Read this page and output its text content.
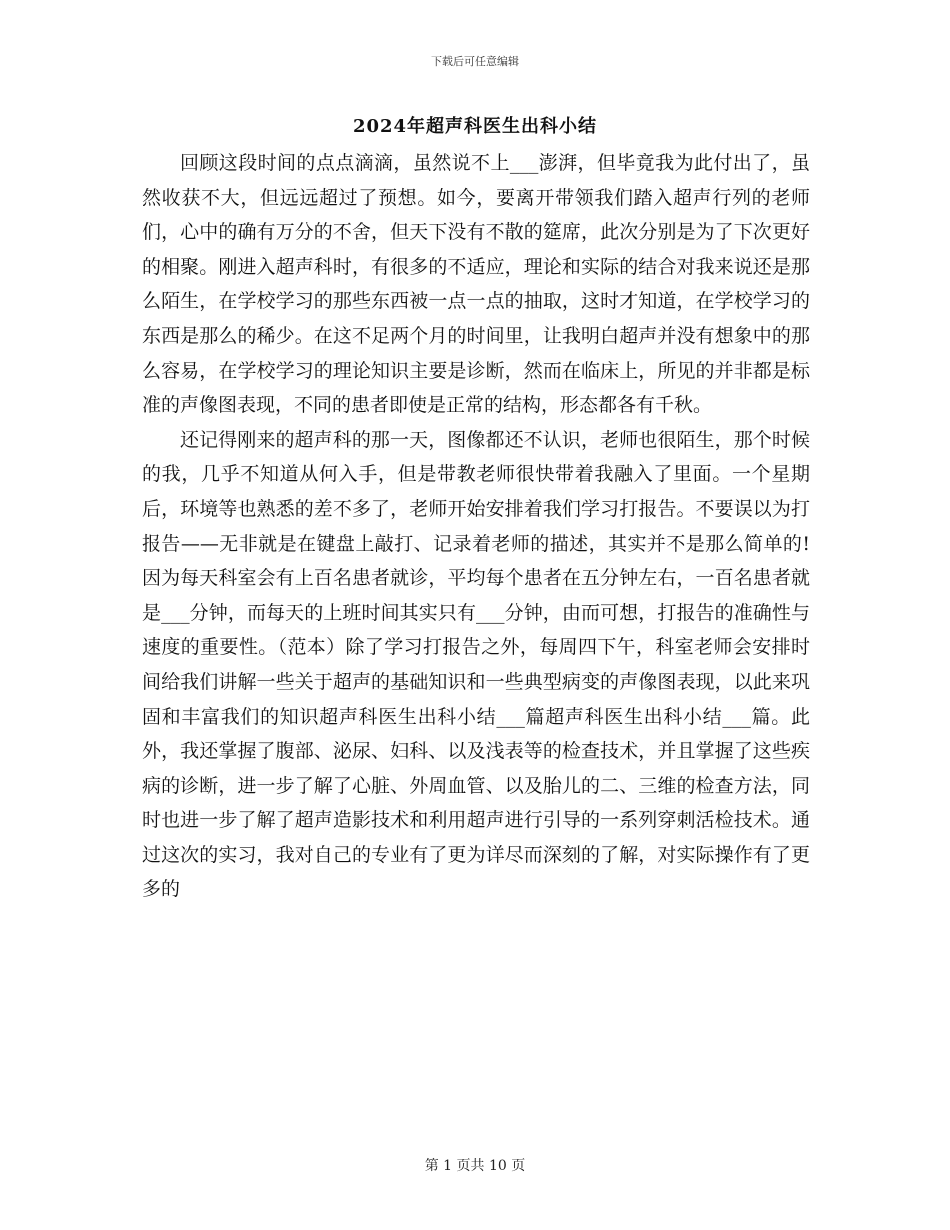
下载后可任意编辑
2024年超声科医生出科小结

回顾这段时间的点点滴滴，虽然说不上___澎湃，但毕竟我为此付出了，虽然收获不大，但远远超过了预想。如今，要离开带领我们踏入超声行列的老师们，心中的确有万分的不舍，但天下没有不散的筵席，此次分别是为了下次更好的相聚。刚进入超声科时，有很多的不适应，理论和实际的结合对我来说还是那么陌生，在学校学习的那些东西被一点一点的抽取，这时才知道，在学校学习的东西是那么的稀少。在这不足两个月的时间里，让我明白超声并没有想象中的那么容易，在学校学习的理论知识主要是诊断，然而在临床上，所见的并非都是标准的声像图表现，不同的患者即使是正常的结构，形态都各有千秋。

还记得刚来的超声科的那一天，图像都还不认识，老师也很陌生，那个时候的我，几乎不知道从何入手，但是带教老师很快带着我融入了里面。一个星期后，环境等也熟悉的差不多了，老师开始安排着我们学习打报告。不要误以为打报告——无非就是在键盘上敲打、记录着老师的描述，其实并不是那么简单的!因为每天科室会有上百名患者就诊，平均每个患者在五分钟左右，一百名患者就是___分钟，而每天的上班时间其实只有___分钟，由而可想，打报告的准确性与速度的重要性。（范本）除了学习打报告之外，每周四下午，科室老师会安排时间给我们讲解一些关于超声的基础知识和一些典型病变的声像图表现，以此来巩固和丰富我们的知识超声科医生出科小结___篇超声科医生出科小结___篇。此外，我还掌握了腹部、泌尿、妇科、以及浅表等的检查技术，并且掌握了这些疾病的诊断，进一步了解了心脏、外周血管、以及胎儿的二、三维的检查方法，同时也进一步了解了超声造影技术和利用超声进行引导的一系列穿刺活检技术。通过这次的实习，我对自己的专业有了更为详尽而深刻的了解，对实际操作有了更多的

第 1 页共 10 页
